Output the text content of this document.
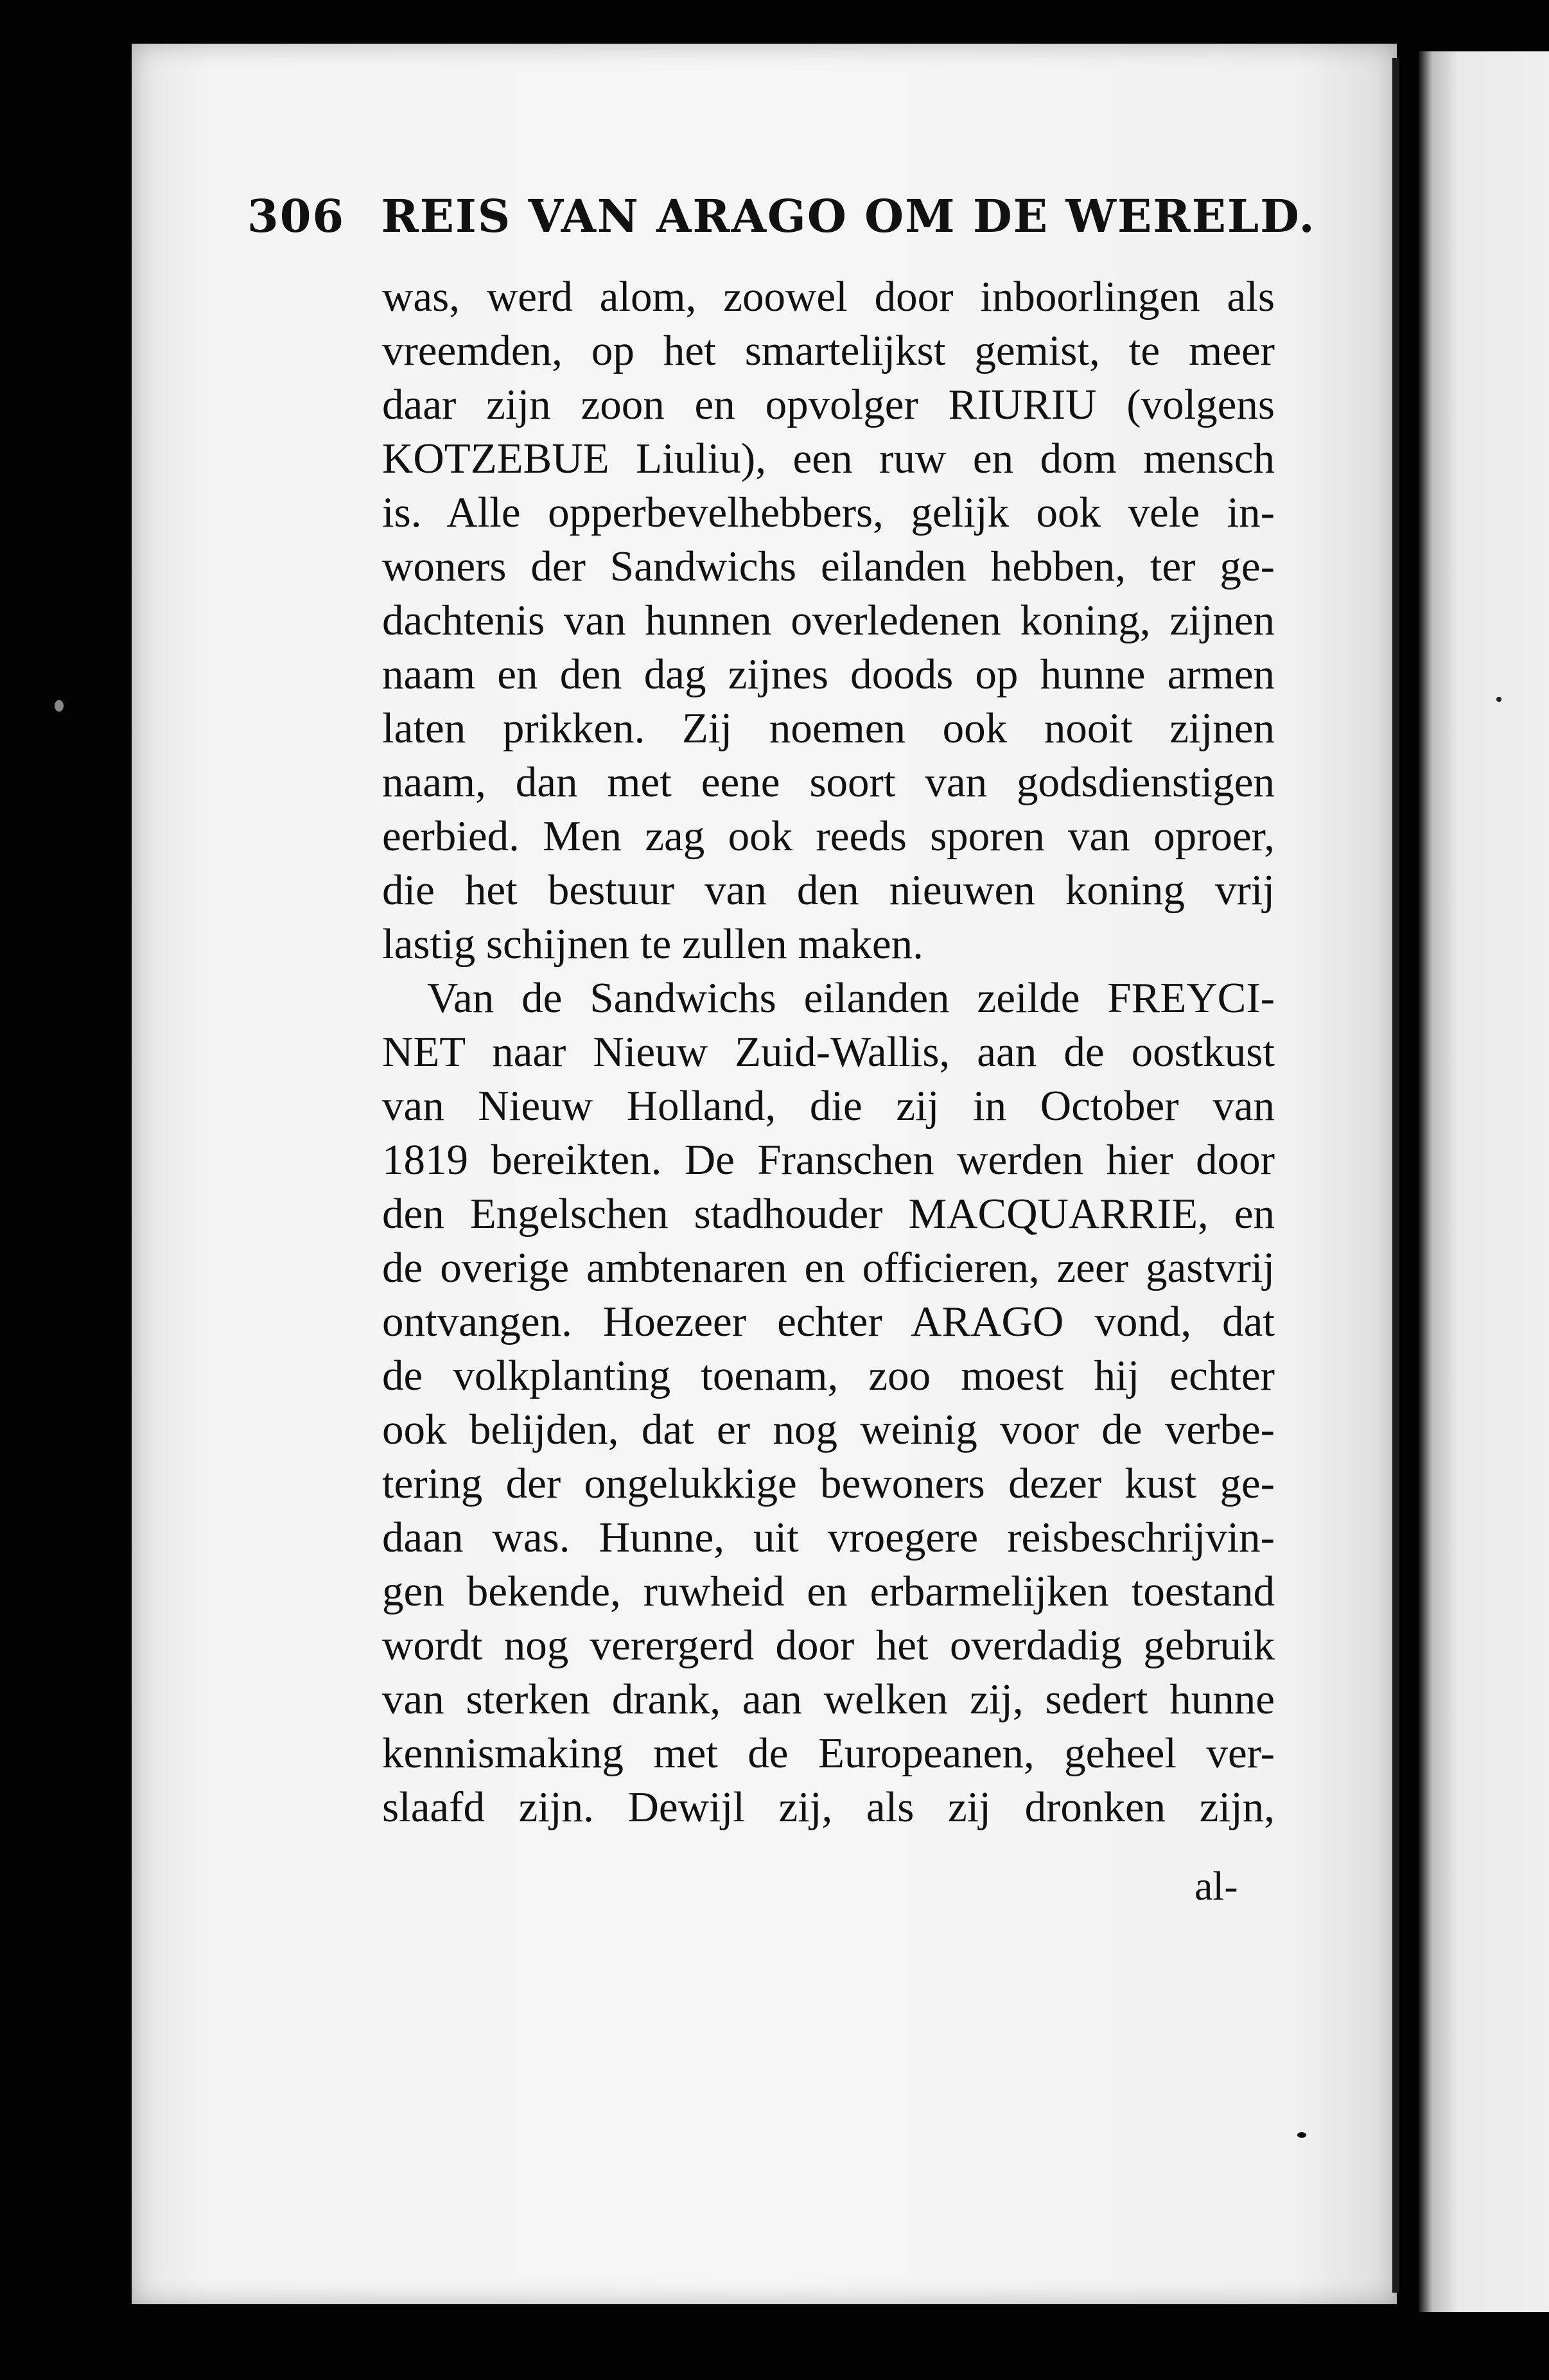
306 REIS VAN ARAGO OM DE WERELD.
was, werd alom, zoowel door inboorlingen als
vreemden, op het smartelijkst gemist, te meer
daar zijn zoon en opvolger RIURIU (volgens
KOTZEBUE Liuliu), een ruw en dom mensch
is. Alle opperbevelhebbers, gelijk ook vele in-
woners der Sandwichs eilanden hebben, ter ge-
dachtenis van hunnen overledenen koning, zijnen
naam en den dag zijnes doods op hunne armen
laten prikken. Zij noemen ook nooit zijnen
naam, dan met eene soort van godsdienstigen
eerbied. Men zag ook reeds sporen van oproer,
die het bestuur van den nieuwen koning vrij
lastig schijnen te zullen maken.
Van de Sandwichs eilanden zeilde FREYCI-
NET naar Nieuw Zuid-Wallis, aan de oostkust
van Nieuw Holland, die zij in October van
1819 bereikten. De Franschen werden hier door
den Engelschen stadhouder MACQUARRIE, en
de overige ambtenaren en officieren, zeer gastvrij
ontvangen. Hoezeer echter ARAGO vond, dat
de volkplanting toenam, zoo moest hij echter
ook belijden, dat er nog weinig voor de verbe-
tering der ongelukkige bewoners dezer kust ge-
daan was. Hunne, uit vroegere reisbeschrijvin-
gen bekende, ruwheid en erbarmelijken toestand
wordt nog verergerd door het overdadig gebruik
van sterken drank, aan welken zij, sedert hunne
kennismaking met de Europeanen, geheel ver-
slaafd zijn. Dewijl zij, als zij dronken zijn,
al-
